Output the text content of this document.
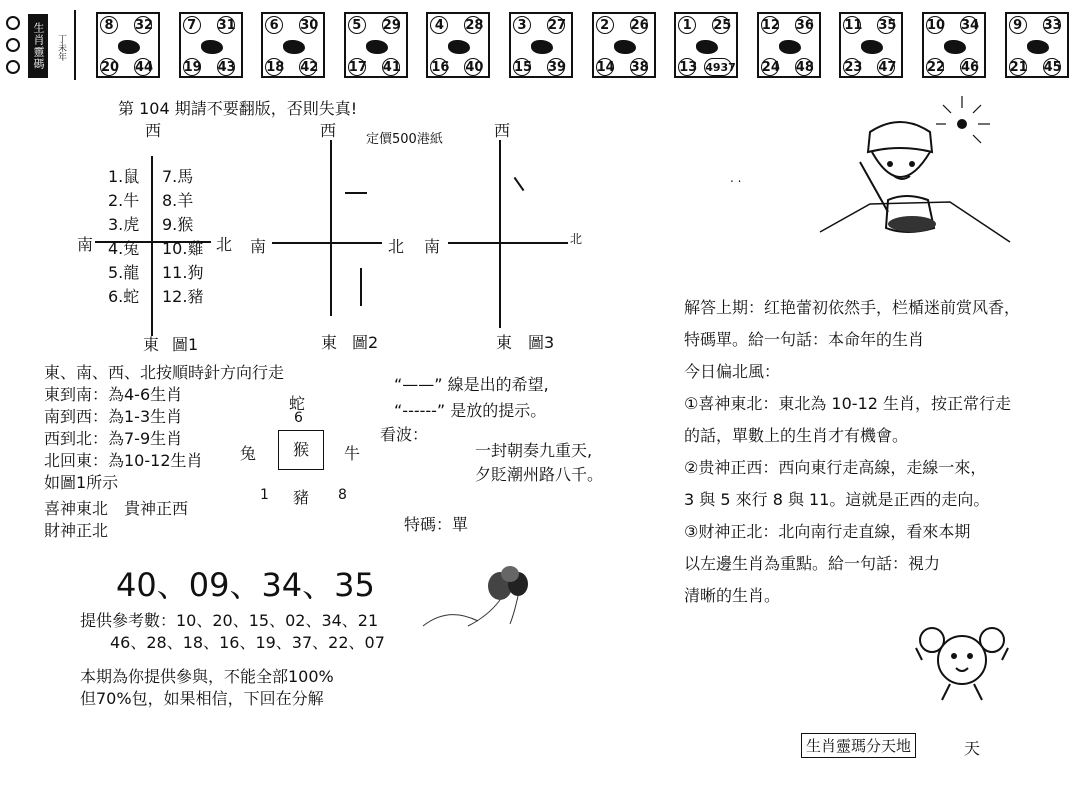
生肖靈碼	丁未年
8	32
20 44
7	31
19 43
6	30
18 42
5	29
17 41
4	28
16 40
3	27
15 39
2	26
14 38
1	25
13 4937
12 36
24 48
11 35
23 47
10 34
22 46
9	33
21 45
第 104 期請不要翻版，否則失真!
定價500港紙
西
南	北
1.鼠
2.牛
3.虎
4.兔
5.龍
6.蛇
7.馬
8.羊
9.猴
10.雞
11.狗
12.豬
東 圖1
西
南	北
東 圖2
西
南	北
東 圖3
東、南、西、北按順時針方向行走
東到南：為4-6生肖
南到西：為1-3生肖
西到北：為7-9生肖
北回東：為10-12生肖
如圖1所示
喜神東北　貴神正西
財神正北
蛇
6
猴
兔	牛
1 豬 8
“——” 線是出的希望,
“------” 是放的提示。
看波：
一封朝奏九重天,
夕貶潮州路八千。
特碼：單
40、09、34、35
提供參考數：10、20、15、02、34、21
46、28、18、16、19、37、22、07
本期為你提供參與，不能全部100%
但70%包，如果相信，下回在分解
. .
解答上期：红艳蕾初依然手，栏楯迷前赏风香，
特碼單。給一句話：本命年的生肖
今日偏北風：
①喜神東北：東北為 10-12 生肖，按正常行走
的話，單數上的生肖才有機會。
②贵神正西：西向東行走高線，走線一來，
3 與 5 來行 8 與 11。這就是正西的走向。
③财神正北：北向南行走直線，看來本期
以左邊生肖為重點。給一句話：視力
清晰的生肖。
生肖靈瑪分天地	天
